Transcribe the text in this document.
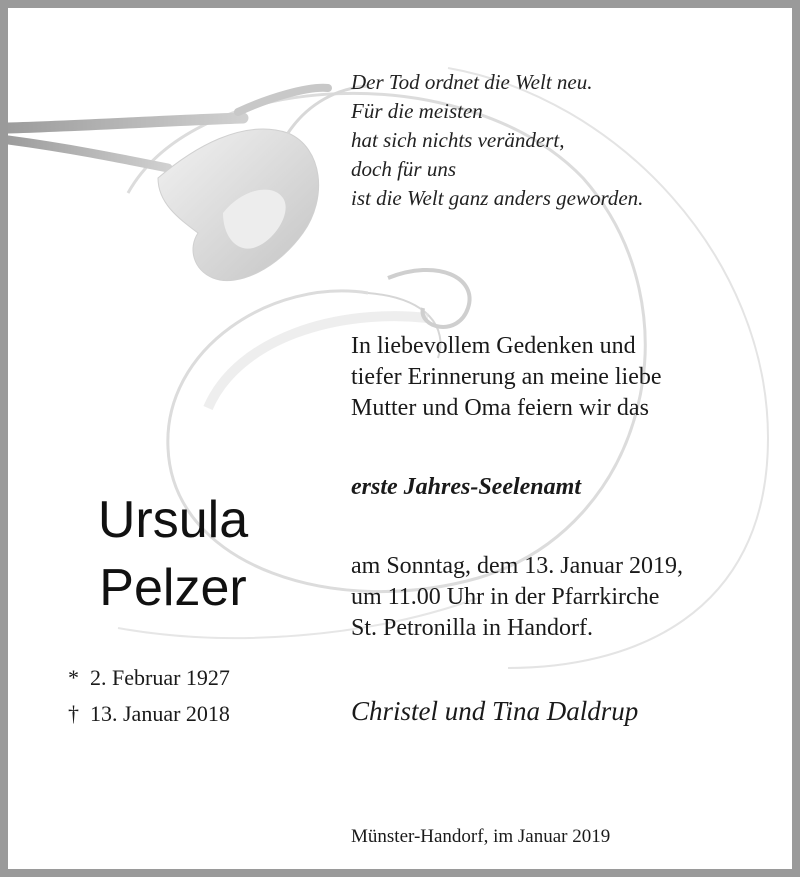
Der Tod ordnet die Welt neu.
Für die meisten
hat sich nichts verändert,
doch für uns
ist die Welt ganz anders geworden.
In liebevollem Gedenken und
tiefer Erinnerung an meine liebe
Mutter und Oma feiern wir das
erste Jahres-Seelenamt
am Sonntag, dem 13. Januar 2019,
um 11.00 Uhr in der Pfarrkirche
St. Petronilla in Handorf.
Ursula
Pelzer
* 2. Februar 1927
† 13. Januar 2018	Christel und Tina Daldrup
Münster-Handorf, im Januar 2019
